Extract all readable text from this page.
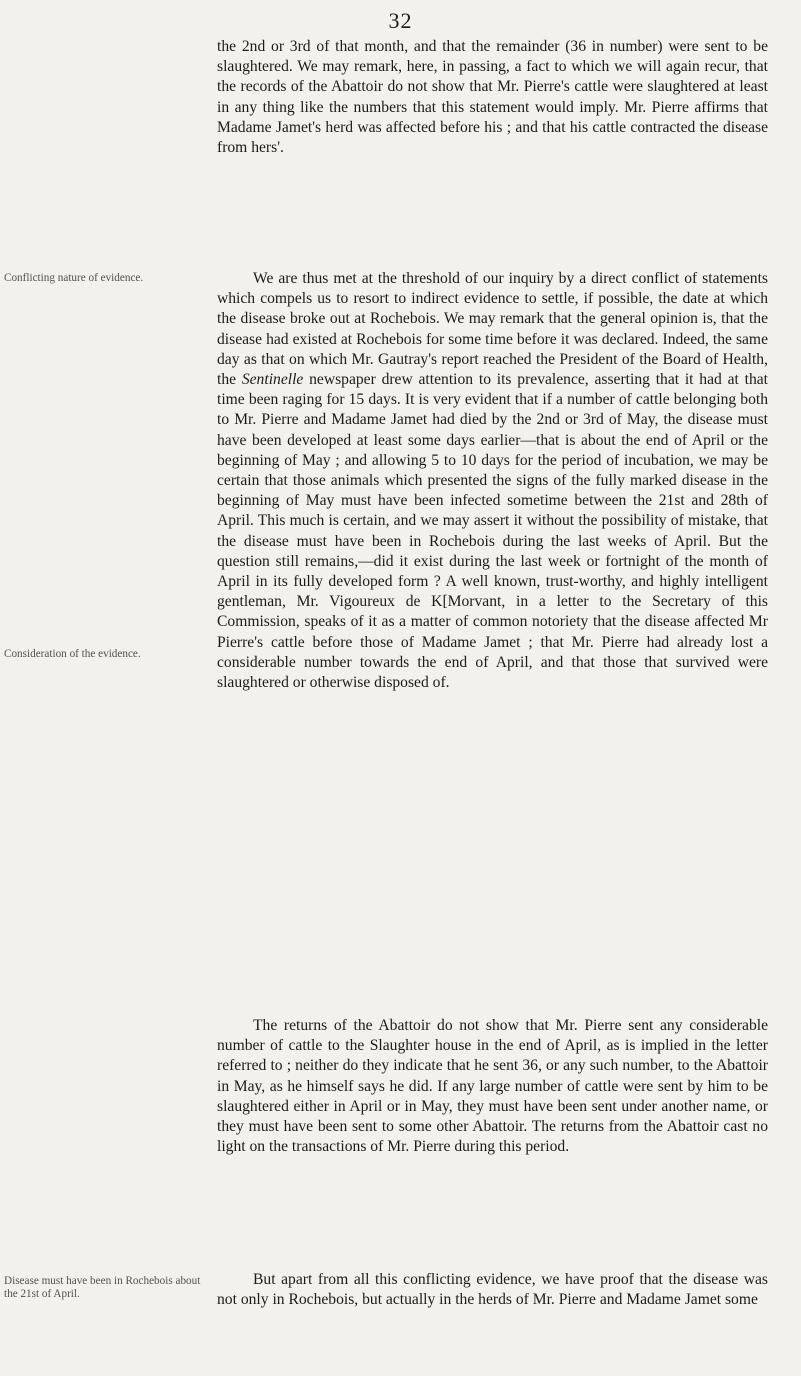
32

the 2nd or 3rd of that month, and that the remainder (36 in number) were sent to be slaughtered. We may remark, here, in passing, a fact to which we will again recur, that the records of the Abattoir do not show that Mr. Pierre's cattle were slaughtered at least in any thing like the numbers that this statement would imply. Mr. Pierre affirms that Madame Jamet's herd was affected before his ; and that his cattle contracted the disease from hers'.

Conflicting nature of evidence.	We are thus met at the threshold of our inquiry by a direct conflict of statements which compels us to resort to indirect evidence to settle, if possible, the date at which the disease broke out at Rochebois. We may remark that the general opinion is, that the disease had existed at Rochebois for some time before it was declared. Indeed, the same day as that on which Mr. Gautray's report reached the President of the Board of Health, the Sentinelle newspaper drew attention to its prevalence, asserting that it had at that time been raging for 15 days. It is very evident that if a number of cattle belonging both to Mr. Pierre and Madame Jamet had died by the 2nd or 3rd of May, the disease must have been developed at least some days earlier—that is about the end of April or the beginning of May ; and allowing 5 to 10 days for the period of incubation, we may be certain that those animals which presented the signs of the fully marked disease in the beginning of May must have been infected sometime between the 21st and 28th of April. This much is certain, and we may assert it without the possibility of mistake, that the disease must have been in Rochebois during the last weeks of April. But the question still remains,—did it exist during the last week or fortnight of the month of April in its fully developed form ? A well known, trust-worthy, and highly intelligent gentleman, Mr. Vigoureux de K[Morvant, in a letter to the Secretary of this Commission, speaks of it as a matter of common notoriety that the disease affected Mr Pierre's cattle before those of Madame Jamet ; that Mr. Pierre had already lost a considerable number towards the end of April, and that those that survived were slaughtered or otherwise disposed of.

Consideration of the evidence.

The returns of the Abattoir do not show that Mr. Pierre sent any considerable number of cattle to the Slaughter house in the end of April, as is implied in the letter referred to ; neither do they indicate that he sent 36, or any such number, to the Abattoir in May, as he himself says he did. If any large number of cattle were sent by him to be slaughtered either in April or in May, they must have been sent under another name, or they must have been sent to some other Abattoir. The returns from the Abattoir cast no light on the transactions of Mr. Pierre during this period.

But apart from all this conflicting evidence, we have proof that the disease was not only in Rochebois, but actually in the herds of Mr. Pierre and Madame Jamet some

Disease must have been in Rochebois about the 21st of April.
